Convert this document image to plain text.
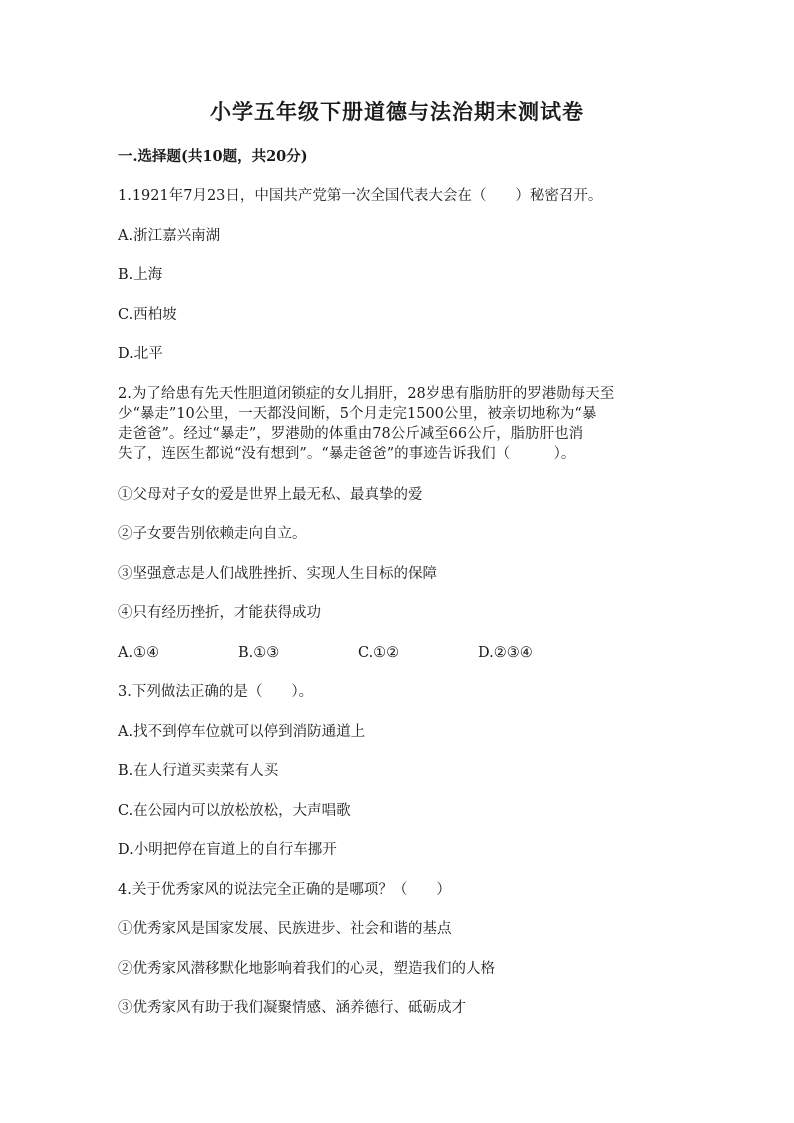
小学五年级下册道德与法治期末测试卷
一.选择题(共10题，共20分)
1.1921年7月23日，中国共产党第一次全国代表大会在（　　）秘密召开。
A.浙江嘉兴南湖
B.上海
C.西柏坡
D.北平
2.为了给患有先天性胆道闭锁症的女儿捐肝，28岁患有脂肪肝的罗港勋每天至
少“暴走”10公里，一天都没间断，5个月走完1500公里，被亲切地称为“暴
走爸爸”。经过“暴走”，罗港勋的体重由78公斤减至66公斤，脂肪肝也消
失了，连医生都说“没有想到”。“暴走爸爸”的事迹告诉我们（　　　）。
①父母对子女的爱是世界上最无私、最真挚的爱
②子女要告别依赖走向自立。
③坚强意志是人们战胜挫折、实现人生目标的保障
④只有经历挫折，才能获得成功
A.①④	B.①③	C.①②	D.②③④
3.下列做法正确的是（　　）。
A.找不到停车位就可以停到消防通道上
B.在人行道买卖菜有人买
C.在公园内可以放松放松，大声唱歌
D.小明把停在盲道上的自行车挪开
4.关于优秀家风的说法完全正确的是哪项？（　　）
①优秀家风是国家发展、民族进步、社会和谐的基点
②优秀家风潜移默化地影响着我们的心灵，塑造我们的人格
③优秀家风有助于我们凝聚情感、涵养德行、砥砺成才
